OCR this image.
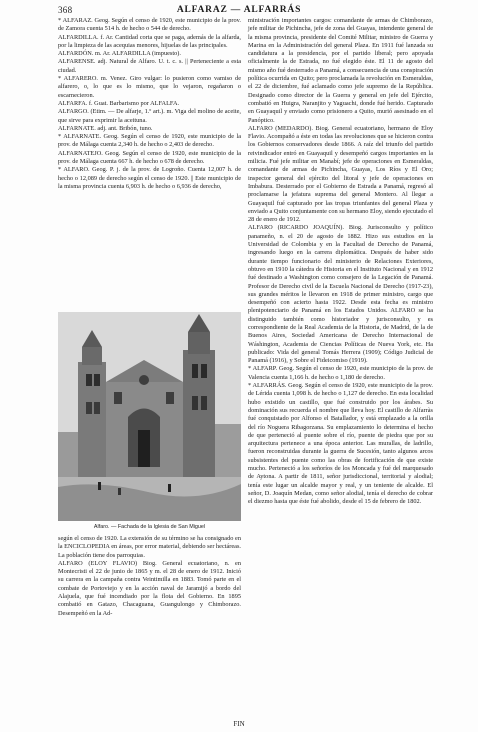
368	ALFARAZ — ALFARRÁS

* ALFARAZ. Geog. Según el censo de 1920, este municipio de la prov. de Zamora cuenta 514 h. de hecho o 544 de derecho.

ALFARDILLA. f. Ar. Cantidad corta que se paga, además de la alfarda, por la limpieza de las acequias menores, hijuelas de las principales.

ALFARDÓN. m. Ar. ALFARDILLA (impuesto).

ALFARENSE. adj. Natural de Alfaro. U. t. c. s. || Perteneciente a esta ciudad.

* ALFARERO. m. Venez. Giro vulgar: lo pusieron como vamiso de alfarero, o, lo que es lo mismo, que lo vejaron, regañaron o escarnecieron.

ALFARFA. f. Guat. Barbarismo por ALFALFA.

ALFARGO. (Etim. — De alfarje, 1.º art.). m. Viga del molino de aceite, que sirve para exprimir la aceituna.

ALFARNATE. adj. ant. Bribón, tuno.

* ALFARNATE. Geog. Según el censo de 1920, este municipio de la prov. de Málaga cuenta 2,340 h. de hecho o 2,403 de derecho.

ALFARNATEJO. Geog. Según el censo de 1920, este municipio de la prov. de Málaga cuenta 667 h. de hecho o 678 de derecho.

* ALFARO. Geog. P. j. de la prov. de Logroño. Cuenta 12,007 h. de hecho o 12,089 de derecho según el censo de 1920. || Este municipio de la misma provincia cuenta 6,903 h. de hecho o 6,936 de derecho,

Alfaro. — Fachada de la Iglesia de San Miguel

según el censo de 1920. La extensión de su término se ha consignado en la ENCICLOPEDIA en áreas, por error material, debiendo ser hectáreas. La población tiene dos parroquias.

ALFARO (ELOY FLAVIO) Biog. General ecuatoriano, n. en Montecristi el 22 de junio de 1865 y m. el 28 de enero de 1912. Inició su carrera en la campaña contra Veintimilla en 1883. Tomó parte en el combate de Portoviejo y en la acción naval de Jaramijó a bordo del Alajuela, que fué incendiado por la flota del Gobierno. En 1895 combatió en Gatazo, Chacaguana, Guangulongo y Chimborazo. Desempeñó en la Ad-

ministración importantes cargos: comandante de armas de Chimborazo, jefe militar de Pichincha, jefe de zona del Guayas, intendente general de la misma provincia, presidente del Comité Militar, ministro de Guerra y Marina en la Administración del general Plaza. En 1911 fué lanzada su candidatura a la presidencia, por el partido liberal; pero apoyada oficialmente la de Estrada, no fué elegido éste. El 11 de agosto del mismo año fué desterrado a Panamá, a consecuencia de una conspiración política ocurrida en Quito; pero proclamada la revolución en Esmeraldas, el 22 de diciembre, fué aclamado como jefe supremo de la República. Designado como director de la Guerra y general en jefe del Ejército, combatió en Huigra, Naranjito y Yaguachi, donde fué herido. Capturado en Guayaquil y enviado como prisionero a Quito, murió asesinado en el Panóptico.

ALFARO (MEDARDO). Biog. General ecuatoriano, hermano de Eloy Flavio. Acompañó a éste en todas las revoluciones que se hicieron contra los Gobiernos conservadores desde 1866. A raíz del triunfo del partido reivindicador entró en Guayaquil y desempeñó cargos importantes en la milicia. Fué jefe militar en Manabí; jefe de operaciones en Esmeraldas, comandante de armas de Pichincha, Guayas, Los Ríos y El Oro; inspector general del ejército del litoral y jefe de operaciones en Imbabura. Desterrado por el Gobierno de Estrada a Panamá, regresó al proclamarse la jefatura suprema del general Montero. Al llegar a Guayaquil fué capturado por las tropas triunfantes del general Plaza y enviado a Quito conjuntamente con su hermano Eloy, siendo ejecutado el 28 de enero de 1912.

ALFARO (RICARDO JOAQUÍN). Biog. Jurisconsulto y político panameño, n. el 20 de agosto de 1882. Hizo sus estudios en la Universidad de Colombia y en la Facultad de Derecho de Panamá, ingresando luego en la carrera diplomática. Después de haber sido durante tiempo funcionario del ministerio de Relaciones Exteriores, obtuvo en 1910 la cátedra de Historia en el Instituto Nacional y en 1912 fué destinado a Washington como consejero de la Legación de Panamá. Profesor de Derecho civil de la Escuela Nacional de Derecho (1917-23), sus grandes méritos le llevaron en 1918 de primer ministro, cargo que desempeñó con acierto hasta 1922. Desde esta fecha es ministro plenipotenciario de Panamá en los Estados Unidos. ALFARO se ha distinguido también como historiador y jurisconsulto, y es correspondiente de la Real Academia de la Historia, de Madrid, de la de Buenos Aires, Sociedad Americana de Derecho Internacional de Wáshington, Academia de Ciencias Políticas de Nueva York, etc. Ha publicado: Vida del general Tomás Herrera (1909); Código Judicial de Panamá (1916), y Sobre el Fideicomiso (1919).

* ALFARP. Geog. Según el censo de 1920, este municipio de la prov. de Valencia cuenta 1,166 h. de hecho o 1,180 de derecho.

* ALFARRÁS. Geog. Según el censo de 1920, este municipio de la prov. de Lérida cuenta 1,098 h. de hecho o 1,127 de derecho. En esta localidad hubo existido un castillo, que fué construido por los árabes. Su dominación sus recuerda el nombre que lleva hoy. El castillo de Alfarràs fué conquistado por Alfonso el Batallador, y está emplazado a la orilla del río Noguera Ribagorzana. Su emplazamiento lo determina el hecho de que perteneció al puente sobre el río, puente de piedra que por su arquitectura pertenece a una época anterior. Las murallas, de ladrillo, fueron reconstruidas durante la guerra de Sucesión, tanto algunos arcos subsistentes del puente como las obras de fortificación de que existe mucho. Perteneció a los señoríos de los Moncada y fué del marquesado de Aytona. A partir de 1811, señor jurisdiccional, territorial y alodial; tenía este lugar un alcalde mayor y real, y un teniente de alcalde. El señor, D. Joaquín Medan, como señor alodial, tenía el derecho de cobrar el diezmo hasta que éste fué abolido, desde el 15 de febrero de 1802.

FIN
